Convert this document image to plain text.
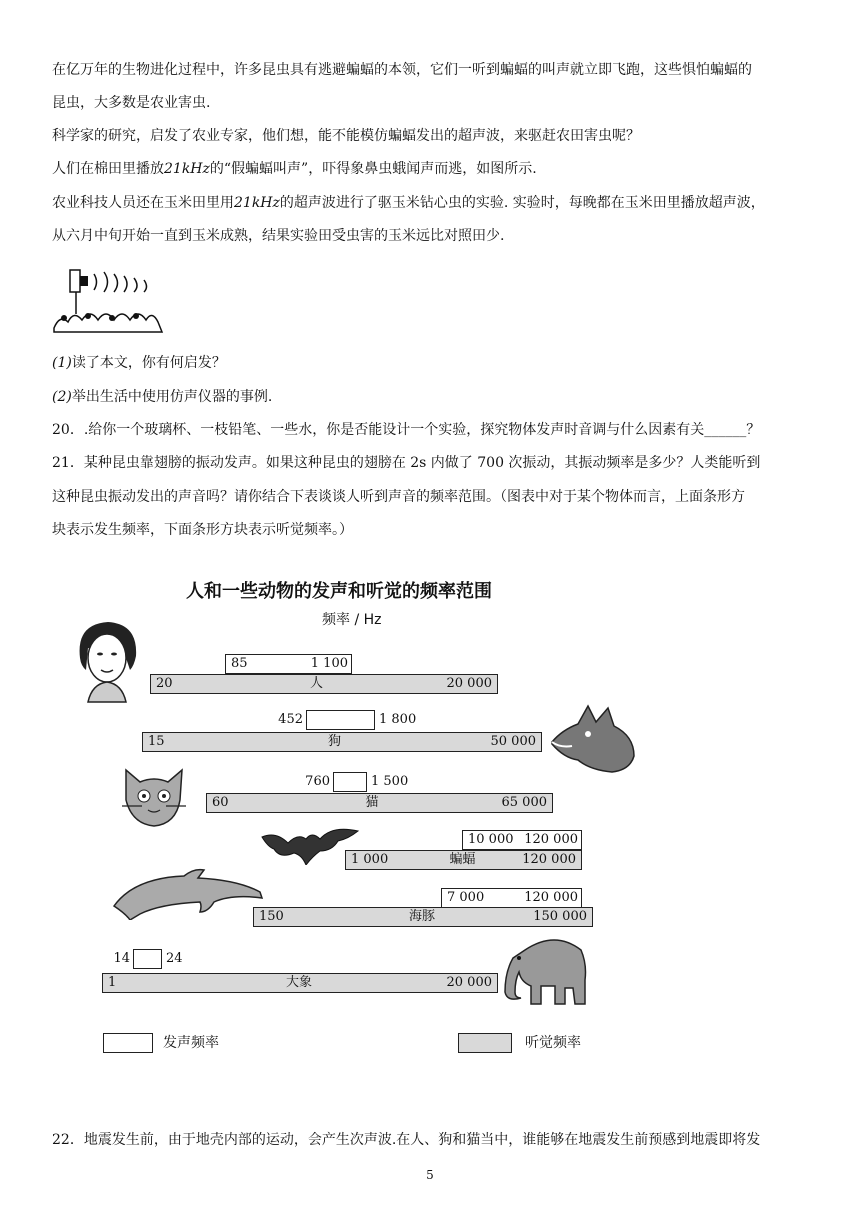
在亿万年的生物进化过程中，许多昆虫具有逃避蝙蝠的本领，它们一听到蝙蝠的叫声就立即飞跑，这些惧怕蝙蝠的
昆虫，大多数是农业害虫.
科学家的研究，启发了农业专家，他们想，能不能模仿蝙蝠发出的超声波，来驱赶农田害虫呢？
人们在棉田里播放21kHz的“假蝙蝠叫声”，吓得象鼻虫蛾闻声而逃，如图所示.
农业科技人员还在玉米田里用21kHz的超声波进行了驱玉米钻心虫的实验. 实验时，每晚都在玉米田里播放超声波，
从六月中旬开始一直到玉米成熟，结果实验田受虫害的玉米远比对照田少.
(1)读了本文，你有何启发？
(2)举出生活中使用仿声仪器的事例.
20．.给你一个玻璃杯、一枝铅笔、一些水，你是否能设计一个实验，探究物体发声时音调与什么因素有关______？
21．某种昆虫靠翅膀的振动发声。如果这种昆虫的翅膀在 2s 内做了 700 次振动，其振动频率是多少？人类能听到
这种昆虫振动发出的声音吗？请你结合下表谈谈人听到声音的频率范围。（图表中对于某个物体而言，上面条形方
块表示发生频率，下面条形方块表示听觉频率。）
人和一些动物的发声和听觉的频率范围
频率 / Hz
20	20 000
人
85	1 100
15	50 000
狗
452	1 800
60	65 000
猫
760	1 500
1 000	120 000
蝙蝠
10 000 120 000
150	150 000
海豚
7 000	120 000
1	20 000
大象
14	24
发声频率	听觉频率
22．地震发生前，由于地壳内部的运动，会产生次声波.在人、狗和猫当中，谁能够在地震发生前预感到地震即将发
5
